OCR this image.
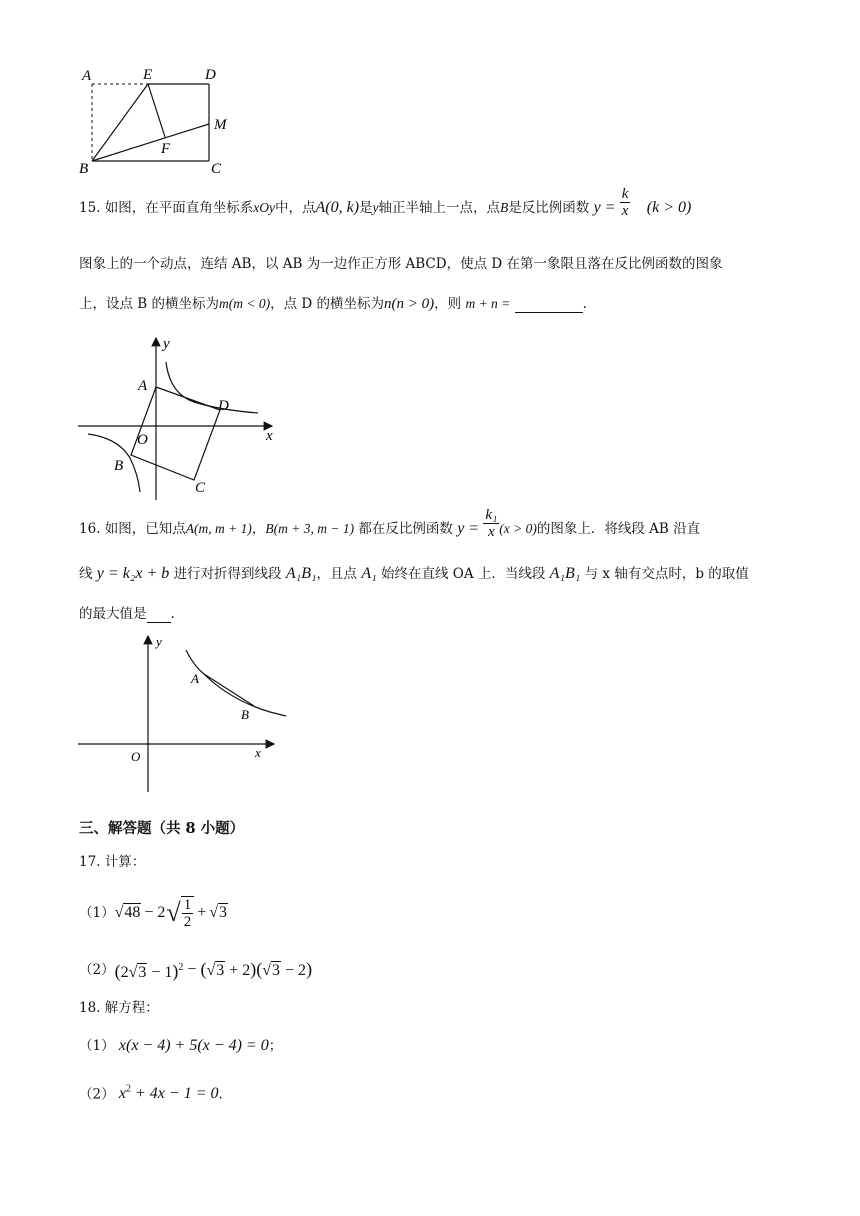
A	E	D
M
F
B	C
15. 如图，在平面直角坐标系xOy中，点A(0, k)是y轴正半轴上一点，点B是反比例函数 $y = \frac{k}{x} (k > 0)$
图象上的一个动点，连结 AB，以 AB 为一边作正方形 ABCD，使点 D 在第一象限且落在反比例函数的图象
上，设点 B 的横坐标为m(m < 0)，点 D 的横坐标为n(n > 0)，则 m + n =	.
y
A
D
x
O
B
C
16. 如图，已知点A(m, m + 1)，B(m + 3, m − 1) 都在反比例函数 $y = \frac{\text{k₁}}{x} (x > 0)$的图象上．将线段 AB 沿直
线 y = k₂x + b 进行对折得到线段 A₁B₁，且点 A₁ 始终在直线 OA 上．当线段 A₁B₁ 与 x 轴有交点时，b 的取值
的最大值是 .
y
A
B
O	x
三、解答题（共 8 小题）
17. 计算：
（1） √48 − 2 √ $\frac{1}{2} + √3$
（2） $(2√3 - 1)^2 - (√3 + 2)$ (√3 − 2)
18. 解方程：
（1） x(x − 4) + 5(x − 4) = 0；
（2） $x^2 + 4x - 1 = 0$.
